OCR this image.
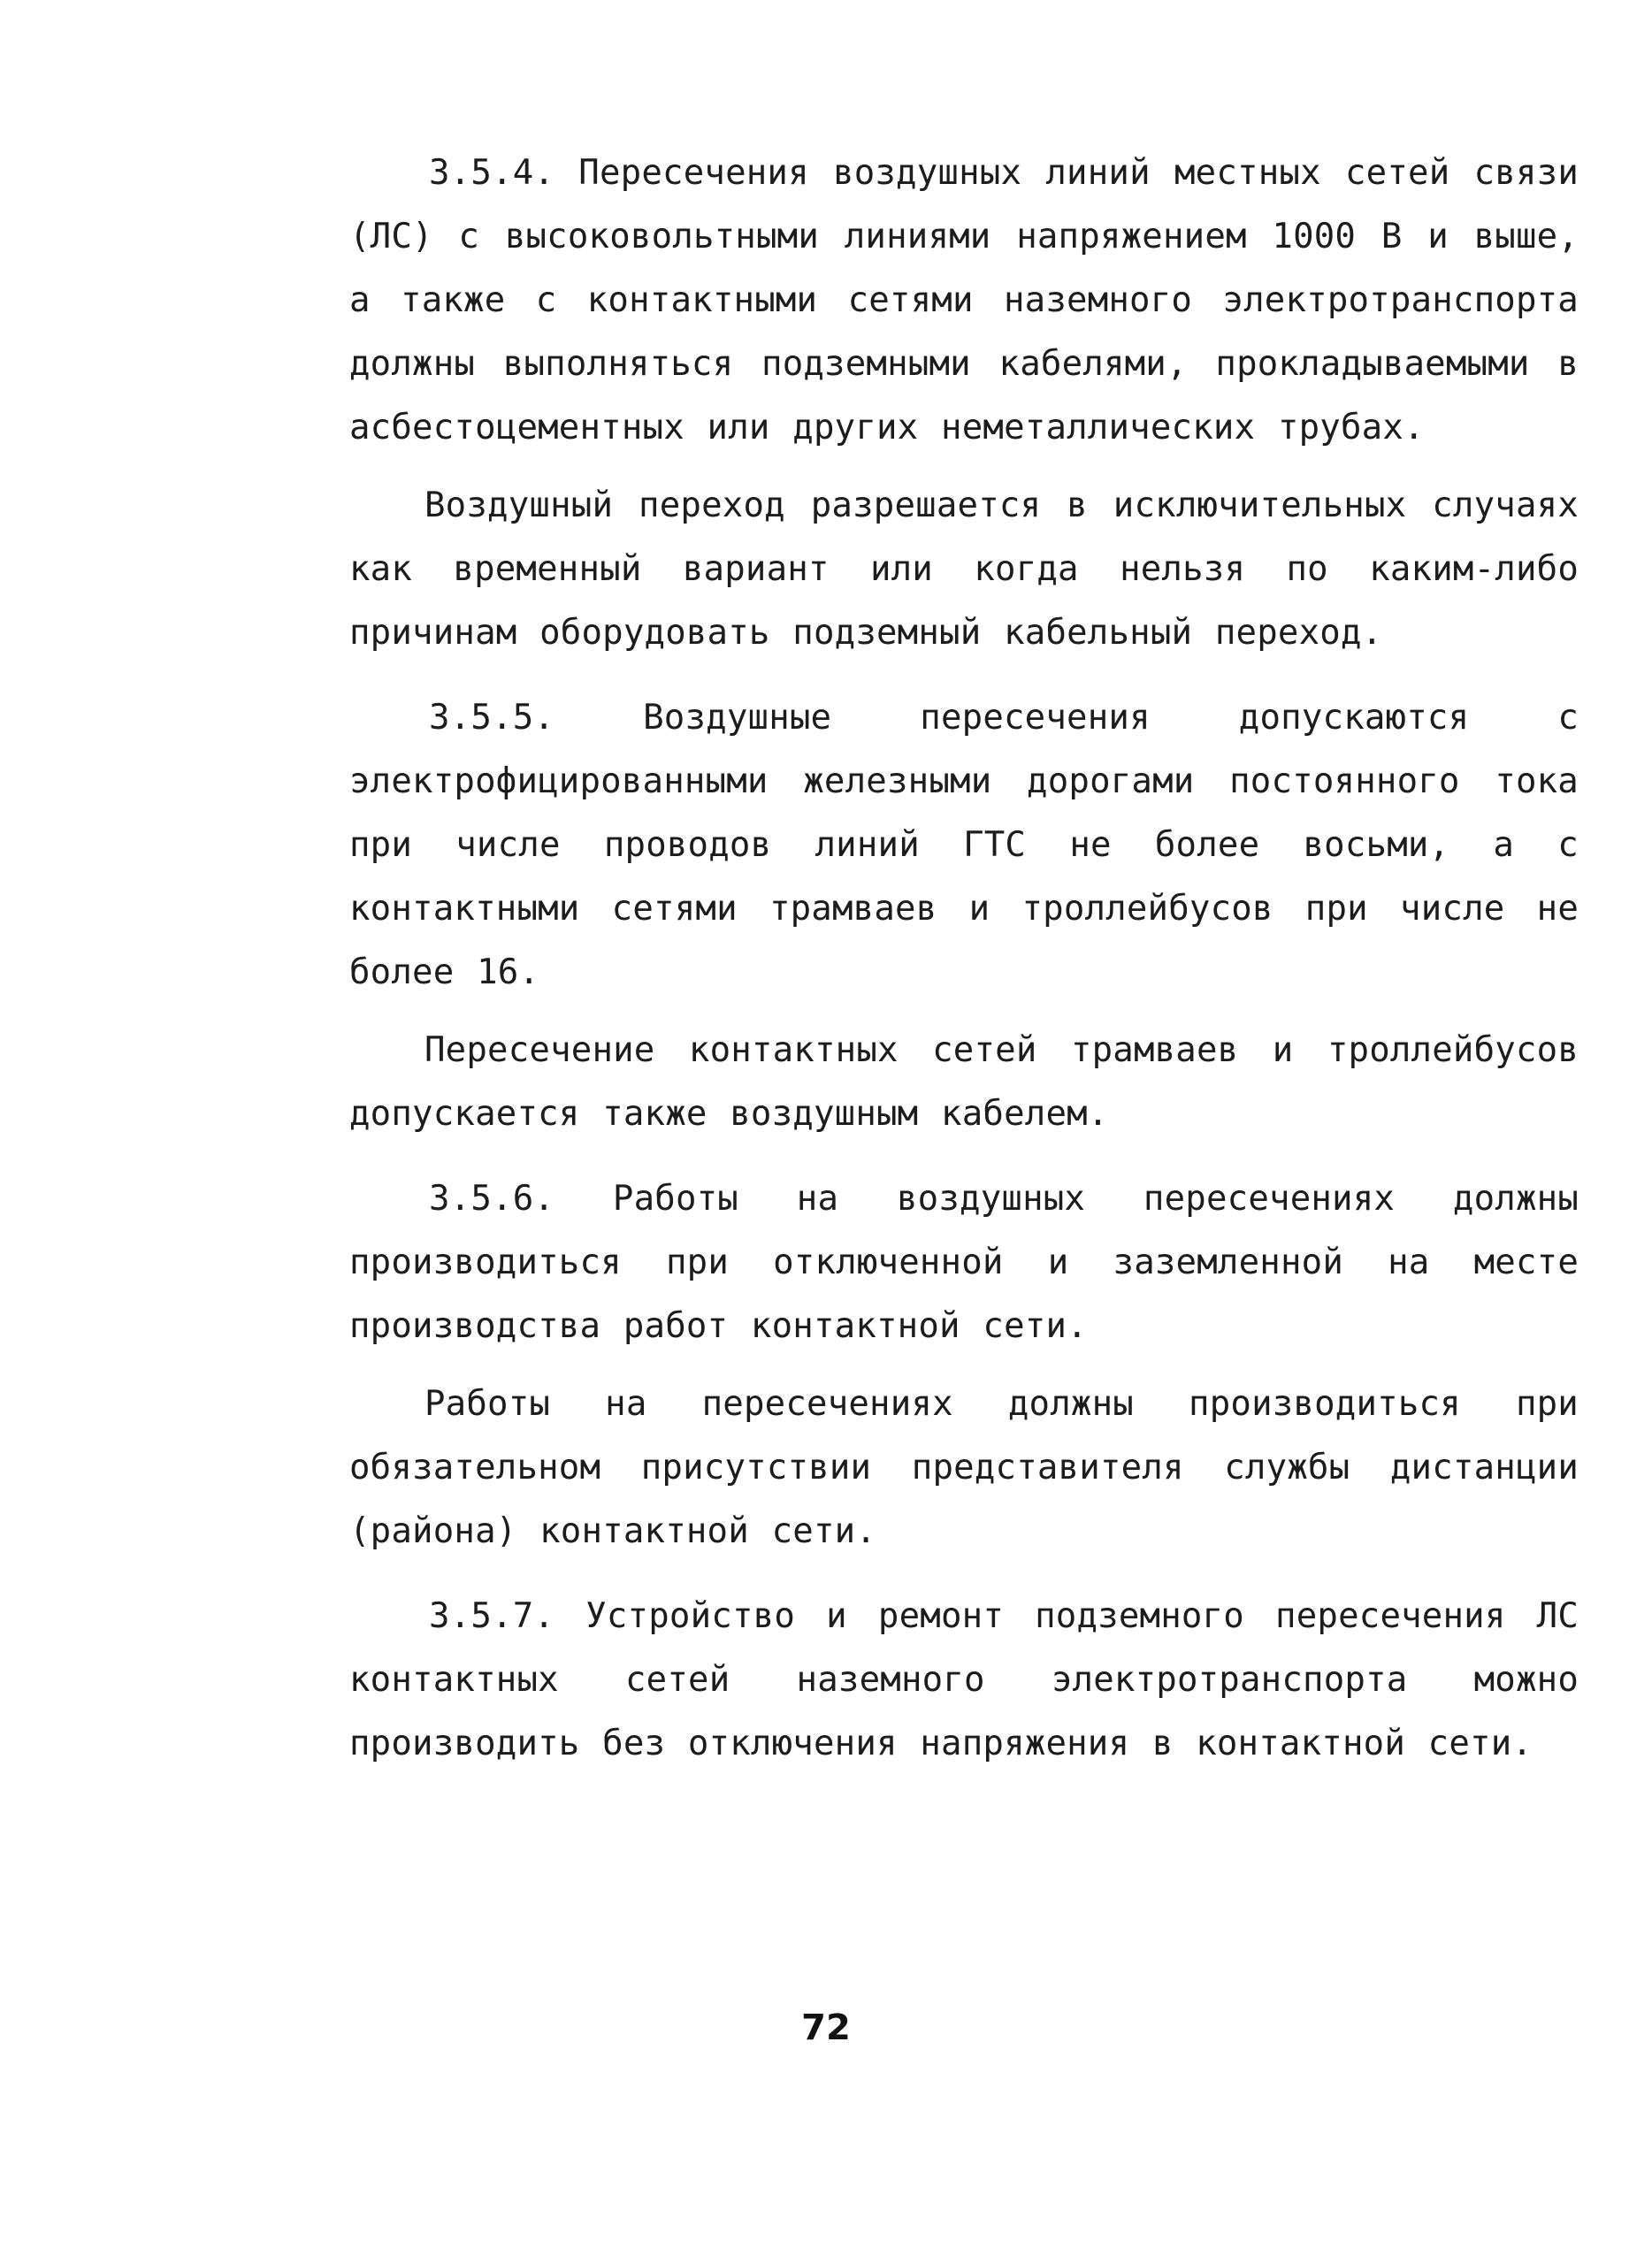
3.5.4. Пересечения воздушных линий местных сетей связи (ЛС) с высоковольтными линиями напряжением 1000 В и выше, а также с контактными сетями наземного электротранспорта должны выполняться подземными кабелями, прокладываемыми в асбестоцементных или других неметаллических трубах.

Воздушный переход разрешается в исключительных случаях как временный вариант или когда нельзя по каким-либо причинам оборудовать подземный кабельный переход.

3.5.5. Воздушные пересечения допускаются с электрофицированными железными дорогами постоянного тока при числе проводов линий ГТС не более восьми, а с контактными сетями трамваев и троллейбусов при числе не более 16.

Пересечение контактных сетей трамваев и троллейбусов допускается также воздушным кабелем.

3.5.6. Работы на воздушных пересечениях должны производиться при отключенной и заземленной на месте производства работ контактной сети.

Работы на пересечениях должны производиться при обязательном присутствии представителя службы дистанции (района) контактной сети.

3.5.7. Устройство и ремонт подземного пересечения ЛС контактных сетей наземного электротранспорта можно производить без отключения напряжения в контактной сети.

72
